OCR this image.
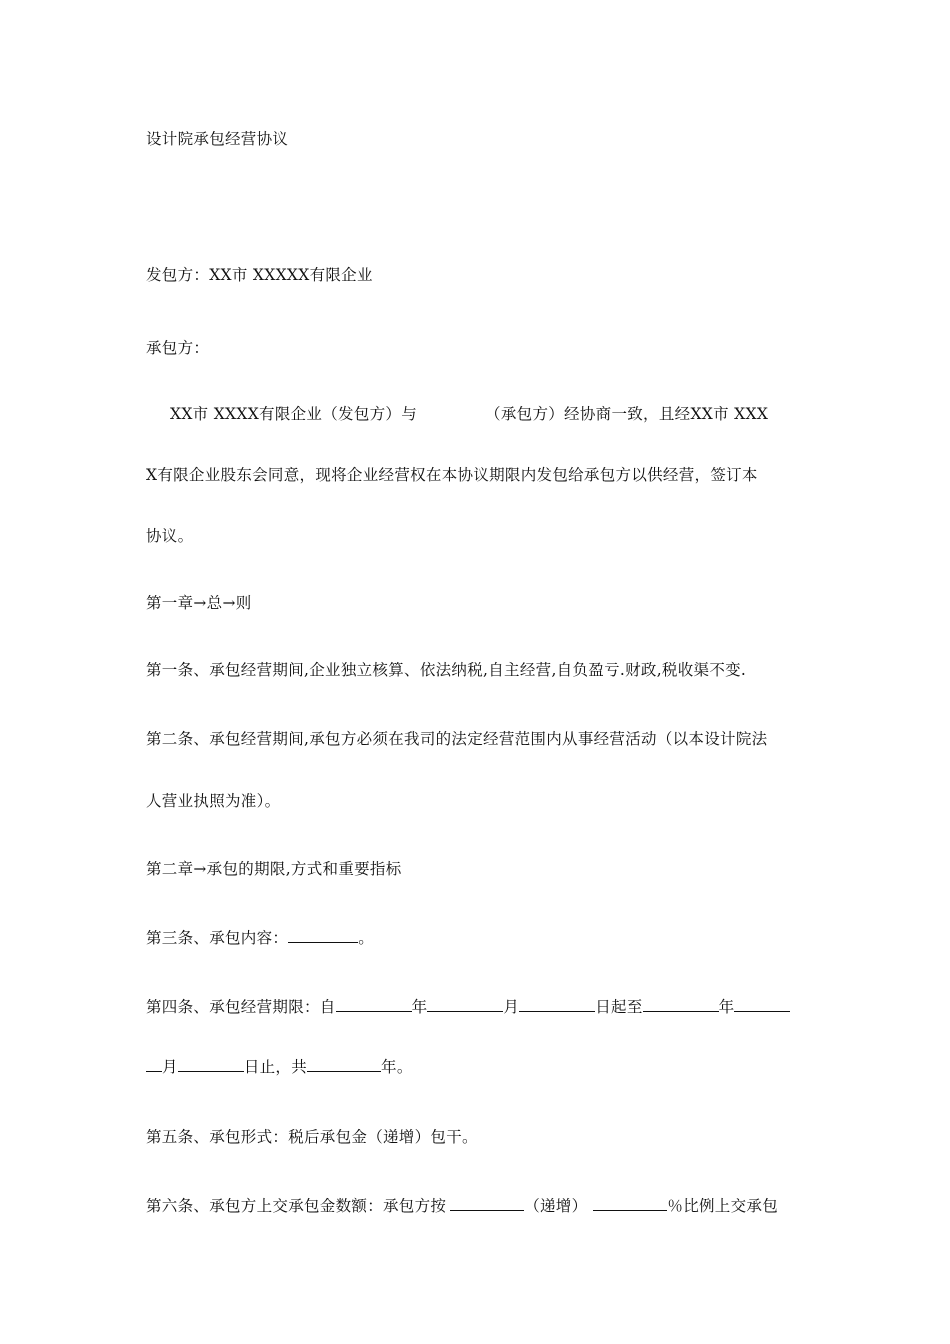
设计院承包经营协议
发包方：XX市 XXXXX有限企业
承包方：
XX市 XXXX有限企业（发包方）与	（承包方）经协商一致，且经XX市 XXX
X有限企业股东会同意，现将企业经营权在本协议期限内发包给承包方以供经营，签订本
协议。
第一章→总→则
第一条、承包经营期间,企业独立核算、依法纳税,自主经营,自负盈亏.财政,税收渠不变.
第二条、承包经营期间,承包方必须在我司的法定经营范围内从事经营活动（以本设计院法
人营业执照为准）。
第二章→承包的期限,方式和重要指标
第三条、承包内容：	。
第四条、承包经营期限：自	年	月	日起至	年
月	日止，共	年。
第五条、承包形式：税后承包金（递增）包干。
第六条、承包方上交承包金数额：承包方按	（递增）	％比例上交承包
